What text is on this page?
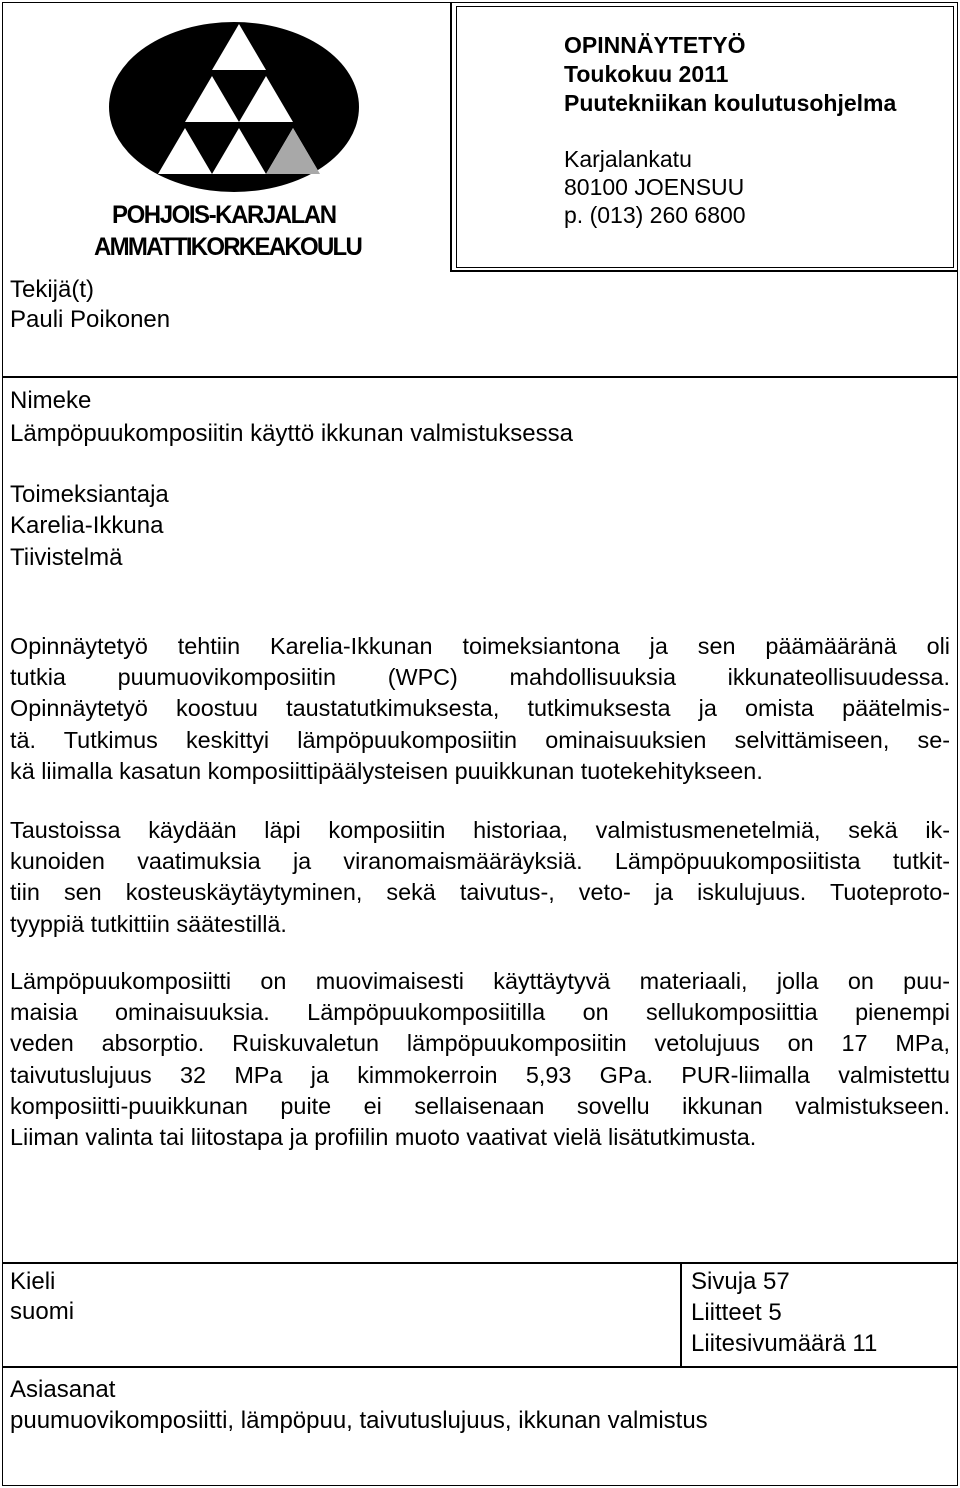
POHJOIS-KARJALAN
AMMATTIKORKEAKOULU
OPINNÄYTETYÖ
Toukokuu 2011
Puutekniikan koulutusohjelma
Karjalankatu
80100 JOENSUU
p. (013) 260 6800
Tekijä(t)
Pauli Poikonen
Nimeke
Lämpöpuukomposiitin käyttö ikkunan valmistuksessa
Toimeksiantaja
Karelia-Ikkuna
Tiivistelmä
Opinnäytetyö tehtiin Karelia-Ikkunan toimeksiantona ja sen päämääränä oli
tutkia puumuovikomposiitin (WPC) mahdollisuuksia ikkunateollisuudessa.
Opinnäytetyö koostuu taustatutkimuksesta, tutkimuksesta ja omista päätelmis-
tä. Tutkimus keskittyi lämpöpuukomposiitin ominaisuuksien selvittämiseen, se-
kä liimalla kasatun komposiittipäälysteisen puuikkunan tuotekehitykseen.
Taustoissa käydään läpi komposiitin historiaa, valmistusmenetelmiä, sekä ik-
kunoiden vaatimuksia ja viranomaismääräyksiä. Lämpöpuukomposiitista tutkit-
tiin sen kosteuskäytäytyminen, sekä taivutus-, veto- ja iskulujuus. Tuoteproto-
tyyppiä tutkittiin säätestillä.
Lämpöpuukomposiitti on muovimaisesti käyttäytyvä materiaali, jolla on puu-
maisia ominaisuuksia. Lämpöpuukomposiitilla on sellukomposiittia pienempi
veden absorptio. Ruiskuvaletun lämpöpuukomposiitin vetolujuus on 17 MPa,
taivutuslujuus 32 MPa ja kimmokerroin 5,93 GPa. PUR-liimalla valmistettu
komposiitti-puuikkunan puite ei sellaisenaan sovellu ikkunan valmistukseen.
Liiman valinta tai liitostapa ja profiilin muoto vaativat vielä lisätutkimusta.
Kieli
suomi
Sivuja 57
Liitteet 5
Liitesivumäärä 11
Asiasanat
puumuovikomposiitti, lämpöpuu, taivutuslujuus, ikkunan valmistus
